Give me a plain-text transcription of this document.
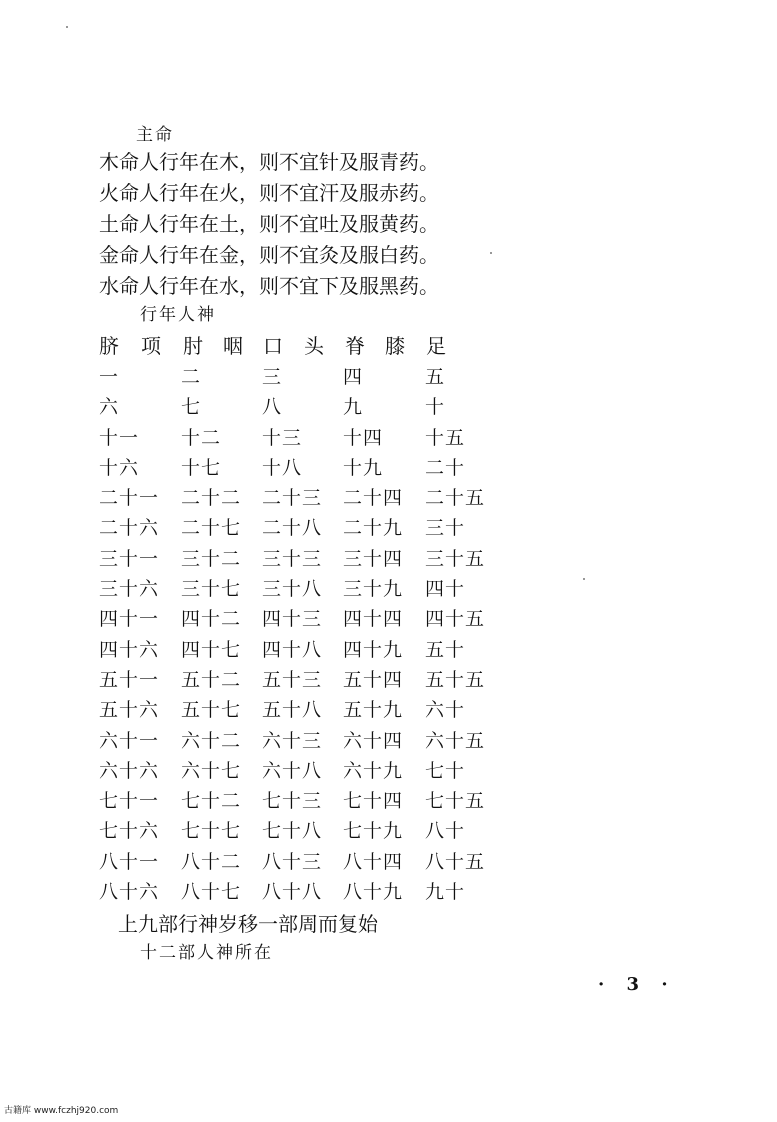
主命
木命人行年在木，则不宜针及服青药。
火命人行年在火，则不宜汗及服赤药。
土命人行年在土，则不宜吐及服黄药。
金命人行年在金，则不宜灸及服白药。
水命人行年在水，则不宜下及服黑药。
行年人神
脐 项 肘 咽 口 头 脊 膝 足
一	二	三	四	五
六	七	八	九	十
十一 十二 十三 十四 十五
十六 十七 十八 十九 二十
二十一 二十二 二十三 二十四 二十五
二十六 二十七 二十八 二十九 三十
三十一 三十二 三十三 三十四 三十五
三十六 三十七 三十八 三十九 四十
四十一 四十二 四十三 四十四 四十五
四十六 四十七 四十八 四十九 五十
五十一 五十二 五十三 五十四 五十五
五十六 五十七 五十八 五十九 六十
六十一 六十二 六十三 六十四 六十五
六十六 六十七 六十八 六十九 七十
七十一 七十二 七十三 七十四 七十五
七十六 七十七 七十八 七十九 八十
八十一 八十二 八十三 八十四 八十五
八十六 八十七 八十八 八十九 九十
上九部行神岁移一部周而复始
十二部人神所在
· 3 ·
古籍库 www.fczhj920.com
